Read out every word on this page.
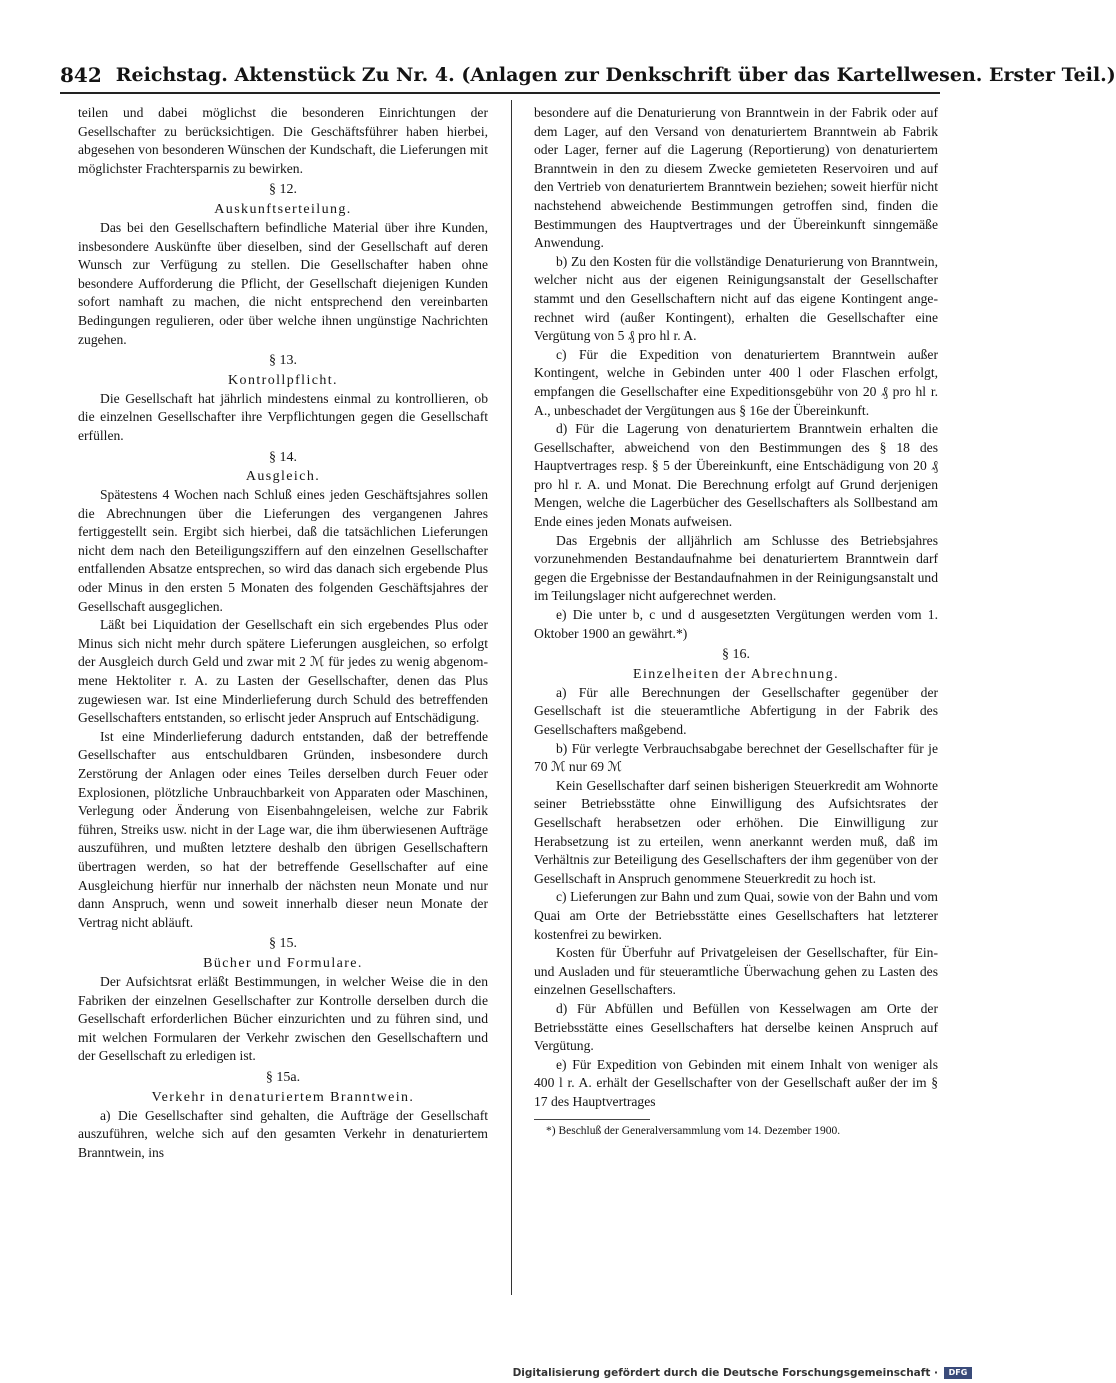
842 Reichstag. Aktenstück Zu Nr. 4. (Anlagen zur Denkschrift über das Kartellwesen. Erster Teil.)

teilen und dabei möglichst die besonderen Einrichtungen der Gesellschafter zu berücksichtigen. Die Geschäftsführer haben hierbei, abgesehen von besonderen Wünschen der Kundschaft, die Lieferungen mit möglichster Frachtersparnis zu bewirken.

§ 12.
Auskunftserteilung.

Das bei den Gesellschaftern befindliche Material über ihre Kunden, insbesondere Auskünfte über dieselben, sind der Gesellschaft auf deren Wunsch zur Verfügung zu stellen. Die Gesellschafter haben ohne besondere Aufforderung die Pflicht, der Gesellschaft diejenigen Kunden sofort namhaft zu machen, die nicht entsprechend den vereinbarten Bedingungen regulieren, oder über welche ihnen ungünstige Nachrichten zugehen.

§ 13.
Kontrollpflicht.

Die Gesellschaft hat jährlich mindestens einmal zu kontrollieren, ob die einzelnen Gesellschafter ihre Verpflichtungen gegen die Gesellschaft erfüllen.

§ 14.
Ausgleich.

Spätestens 4 Wochen nach Schluß eines jeden Geschäftsjahres sollen die Abrechnungen über die Lieferungen des vergangenen Jahres fertiggestellt sein. Ergibt sich hierbei, daß die tatsächlichen Lieferungen nicht dem nach den Beteiligungsziffern auf den einzelnen Gesellschafter entfallenden Absatze entsprechen, so wird das danach sich ergebende Plus oder Minus in den ersten 5 Monaten des folgenden Geschäftsjahres der Gesellschaft ausgeglichen.

Läßt bei Liquidation der Gesellschaft ein sich ergebendes Plus oder Minus sich nicht mehr durch spätere Lieferungen ausgleichen, so erfolgt der Ausgleich durch Geld und zwar mit 2 ℳ für jedes zu wenig abgenommene Hektoliter r. A. zu Lasten der Gesellschafter, denen das Plus zugewiesen war. Ist eine Minderlieferung durch Schuld des betreffenden Gesellschafters entstanden, so erlischt jeder Anspruch auf Entschädigung.

Ist eine Minderlieferung dadurch entstanden, daß der betreffende Gesellschafter aus entschuldbaren Gründen, insbesondere durch Zerstörung der Anlagen oder eines Teiles derselben durch Feuer oder Explosionen, plötzliche Unbrauchbarkeit von Apparaten oder Maschinen, Verlegung oder Änderung von Eisenbahngeleisen, welche zur Fabrik führen, Streiks usw. nicht in der Lage war, die ihm überwiesenen Aufträge auszuführen, und mußten letztere deshalb den übrigen Gesellschaftern übertragen werden, so hat der betreffende Gesellschafter auf eine Ausgleichung hierfür nur innerhalb der nächsten neun Monate und nur dann Anspruch, wenn und soweit innerhalb dieser neun Monate der Vertrag nicht abläuft.

§ 15.
Bücher und Formulare.

Der Aufsichtsrat erläßt Bestimmungen, in welcher Weise die in den Fabriken der einzelnen Gesellschafter zur Kontrolle derselben durch die Gesellschaft erforderlichen Bücher einzurichten und zu führen sind, und mit welchen Formularen der Verkehr zwischen den Gesellschaftern und der Gesellschaft zu erledigen ist.

§ 15a.
Verkehr in denaturiertem Branntwein.

a) Die Gesellschafter sind gehalten, die Aufträge der Gesellschaft auszuführen, welche sich auf den gesamten Verkehr in denaturiertem Branntwein, ins

besondere auf die Denaturierung von Branntwein in der Fabrik oder auf dem Lager, auf den Versand von denaturiertem Branntwein ab Fabrik oder Lager, ferner auf die Lagerung (Reportierung) von denaturiertem Branntwein in den zu diesem Zwecke gemieteten Reservoiren und auf den Vertrieb von denaturiertem Branntwein beziehen; soweit hierfür nicht nachstehend abweichende Bestimmungen getroffen sind, finden die Bestimmungen des Hauptvertrages und der Übereinkunft sinngemäße Anwendung.

b) Zu den Kosten für die vollständige Denaturierung von Branntwein, welcher nicht aus der eigenen Reinigungsanstalt der Gesellschafter stammt und den Gesellschaftern nicht auf das eigene Kontingent angerechnet wird (außer Kontingent), erhalten die Gesellschafter eine Vergütung von 5 ₰ pro hl r. A.

c) Für die Expedition von denaturiertem Branntwein außer Kontingent, welche in Gebinden unter 400 l oder Flaschen erfolgt, empfangen die Gesellschafter eine Expeditionsgebühr von 20 ₰ pro hl r. A., unbeschadet der Vergütungen aus § 16e der Übereinkunft.

d) Für die Lagerung von denaturiertem Branntwein erhalten die Gesellschafter, abweichend von den Bestimmungen des § 18 des Hauptvertrages resp. § 5 der Übereinkunft, eine Entschädigung von 20 ₰ pro hl r. A. und Monat. Die Berechnung erfolgt auf Grund derjenigen Mengen, welche die Lagerbücher des Gesellschafters als Sollbestand am Ende eines jeden Monats aufweisen.

Das Ergebnis der alljährlich am Schlusse des Betriebsjahres vorzunehmenden Bestandaufnahme bei denaturiertem Branntwein darf gegen die Ergebnisse der Bestandaufnahmen in der Reinigungsanstalt und im Teilungslager nicht aufgerechnet werden.

e) Die unter b, c und d ausgesetzten Vergütungen werden vom 1. Oktober 1900 an gewährt.*)

§ 16.
Einzelheiten der Abrechnung.

a) Für alle Berechnungen der Gesellschafter gegenüber der Gesellschaft ist die steueramtliche Abfertigung in der Fabrik des Gesellschafters maßgebend.

b) Für verlegte Verbrauchsabgabe berechnet der Gesellschafter für je 70 ℳ nur 69 ℳ

Kein Gesellschafter darf seinen bisherigen Steuerkredit am Wohnorte seiner Betriebsstätte ohne Einwilligung des Aufsichtsrates der Gesellschaft herabsetzen oder erhöhen. Die Einwilligung zur Herabsetzung ist zu erteilen, wenn anerkannt werden muß, daß im Verhältnis zur Beteiligung des Gesellschafters der ihm gegenüber von der Gesellschaft in Anspruch genommene Steuerkredit zu hoch ist.

c) Lieferungen zur Bahn und zum Quai, sowie von der Bahn und vom Quai am Orte der Betriebsstätte eines Gesellschafters hat letzterer kostenfrei zu bewirken.

Kosten für Überfuhr auf Privatgeleisen der Gesellschafter, für Ein- und Ausladen und für steueramtliche Überwachung gehen zu Lasten des einzelnen Gesellschafters.

d) Für Abfüllen und Befüllen von Kesselwagen am Orte der Betriebsstätte eines Gesellschafters hat derselbe keinen Anspruch auf Vergütung.

e) Für Expedition von Gebinden mit einem Inhalt von weniger als 400 l r. A. erhält der Gesellschafter von der Gesellschaft außer der im § 17 des Hauptvertrages

*) Beschluß der Generalversammlung vom 14. Dezember 1900.
Digitalisierung gefördert durch die Deutsche Forschungsgemeinschaft ·	DFG
